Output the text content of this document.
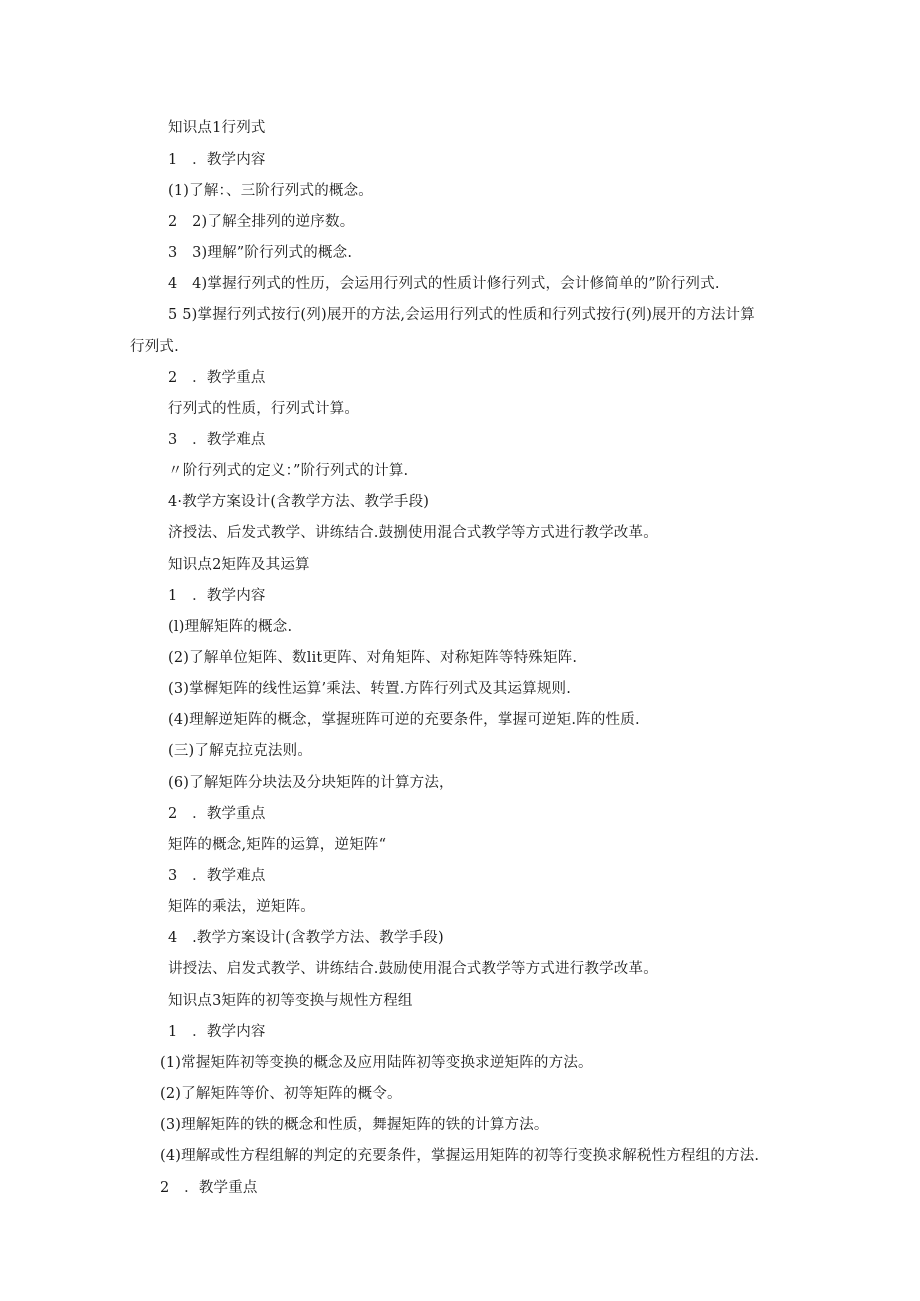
知识点1行列式
1　．教学内容
(1)了解：、三阶行列式的概念。
2　2)了解全排列的逆序数。
3　3)理解”阶行列式的概念.
4　4)掌握行列式的性历，会运用行列式的性质计修行列式，会计修简单的”阶行列式.
5 5)掌握行列式按行(列)展开的方法,会运用行列式的性质和行列式按行(列)展开的方法计算
行列式.
2　．教学重点
行列式的性质，行列式计算。
3　．教学难点
〃阶行列式的定义：”阶行列式的计算.
4·教学方案设计(含教学方法、教学手段)
济授法、后发式教学、讲练结合.鼓捌使用混合式教学等方式进行教学改革。
知识点2矩阵及其运算
1　．教学内容
(l)理解矩阵的概念.
(2)了解单位矩阵、数lit更阵、对角矩阵、对称矩阵等特殊矩阵.
(3)掌樨矩阵的线性运算’乘法、转置.方阵行列式及其运算规则.
(4)理解逆矩阵的概念，掌握班阵可逆的充要条件，掌握可逆矩.阵的性质.
(三)了解克拉克法则。
(6)了解矩阵分块法及分块矩阵的计算方法，
2　．教学重点
矩阵的概念,矩阵的运算，逆矩阵“
3　．教学难点
矩阵的乘法，逆矩阵。
4　.教学方案设计(含教学方法、教学手段)
讲授法、启发式教学、讲练结合.鼓励使用混合式教学等方式进行教学改革。
知识点3矩阵的初等变换与规性方程组
1　．教学内容
(1)常握矩阵初等变换的概念及应用陆阵初等变换求逆矩阵的方法。
(2)了解矩阵等价、初等矩阵的概令。
(3)理解矩阵的铁的概念和性质，舞握矩阵的铁的计算方法。
(4)理解或性方程组解的判定的充要条件，掌握运用矩阵的初等行变换求解税性方程组的方法.
2　．教学重点
